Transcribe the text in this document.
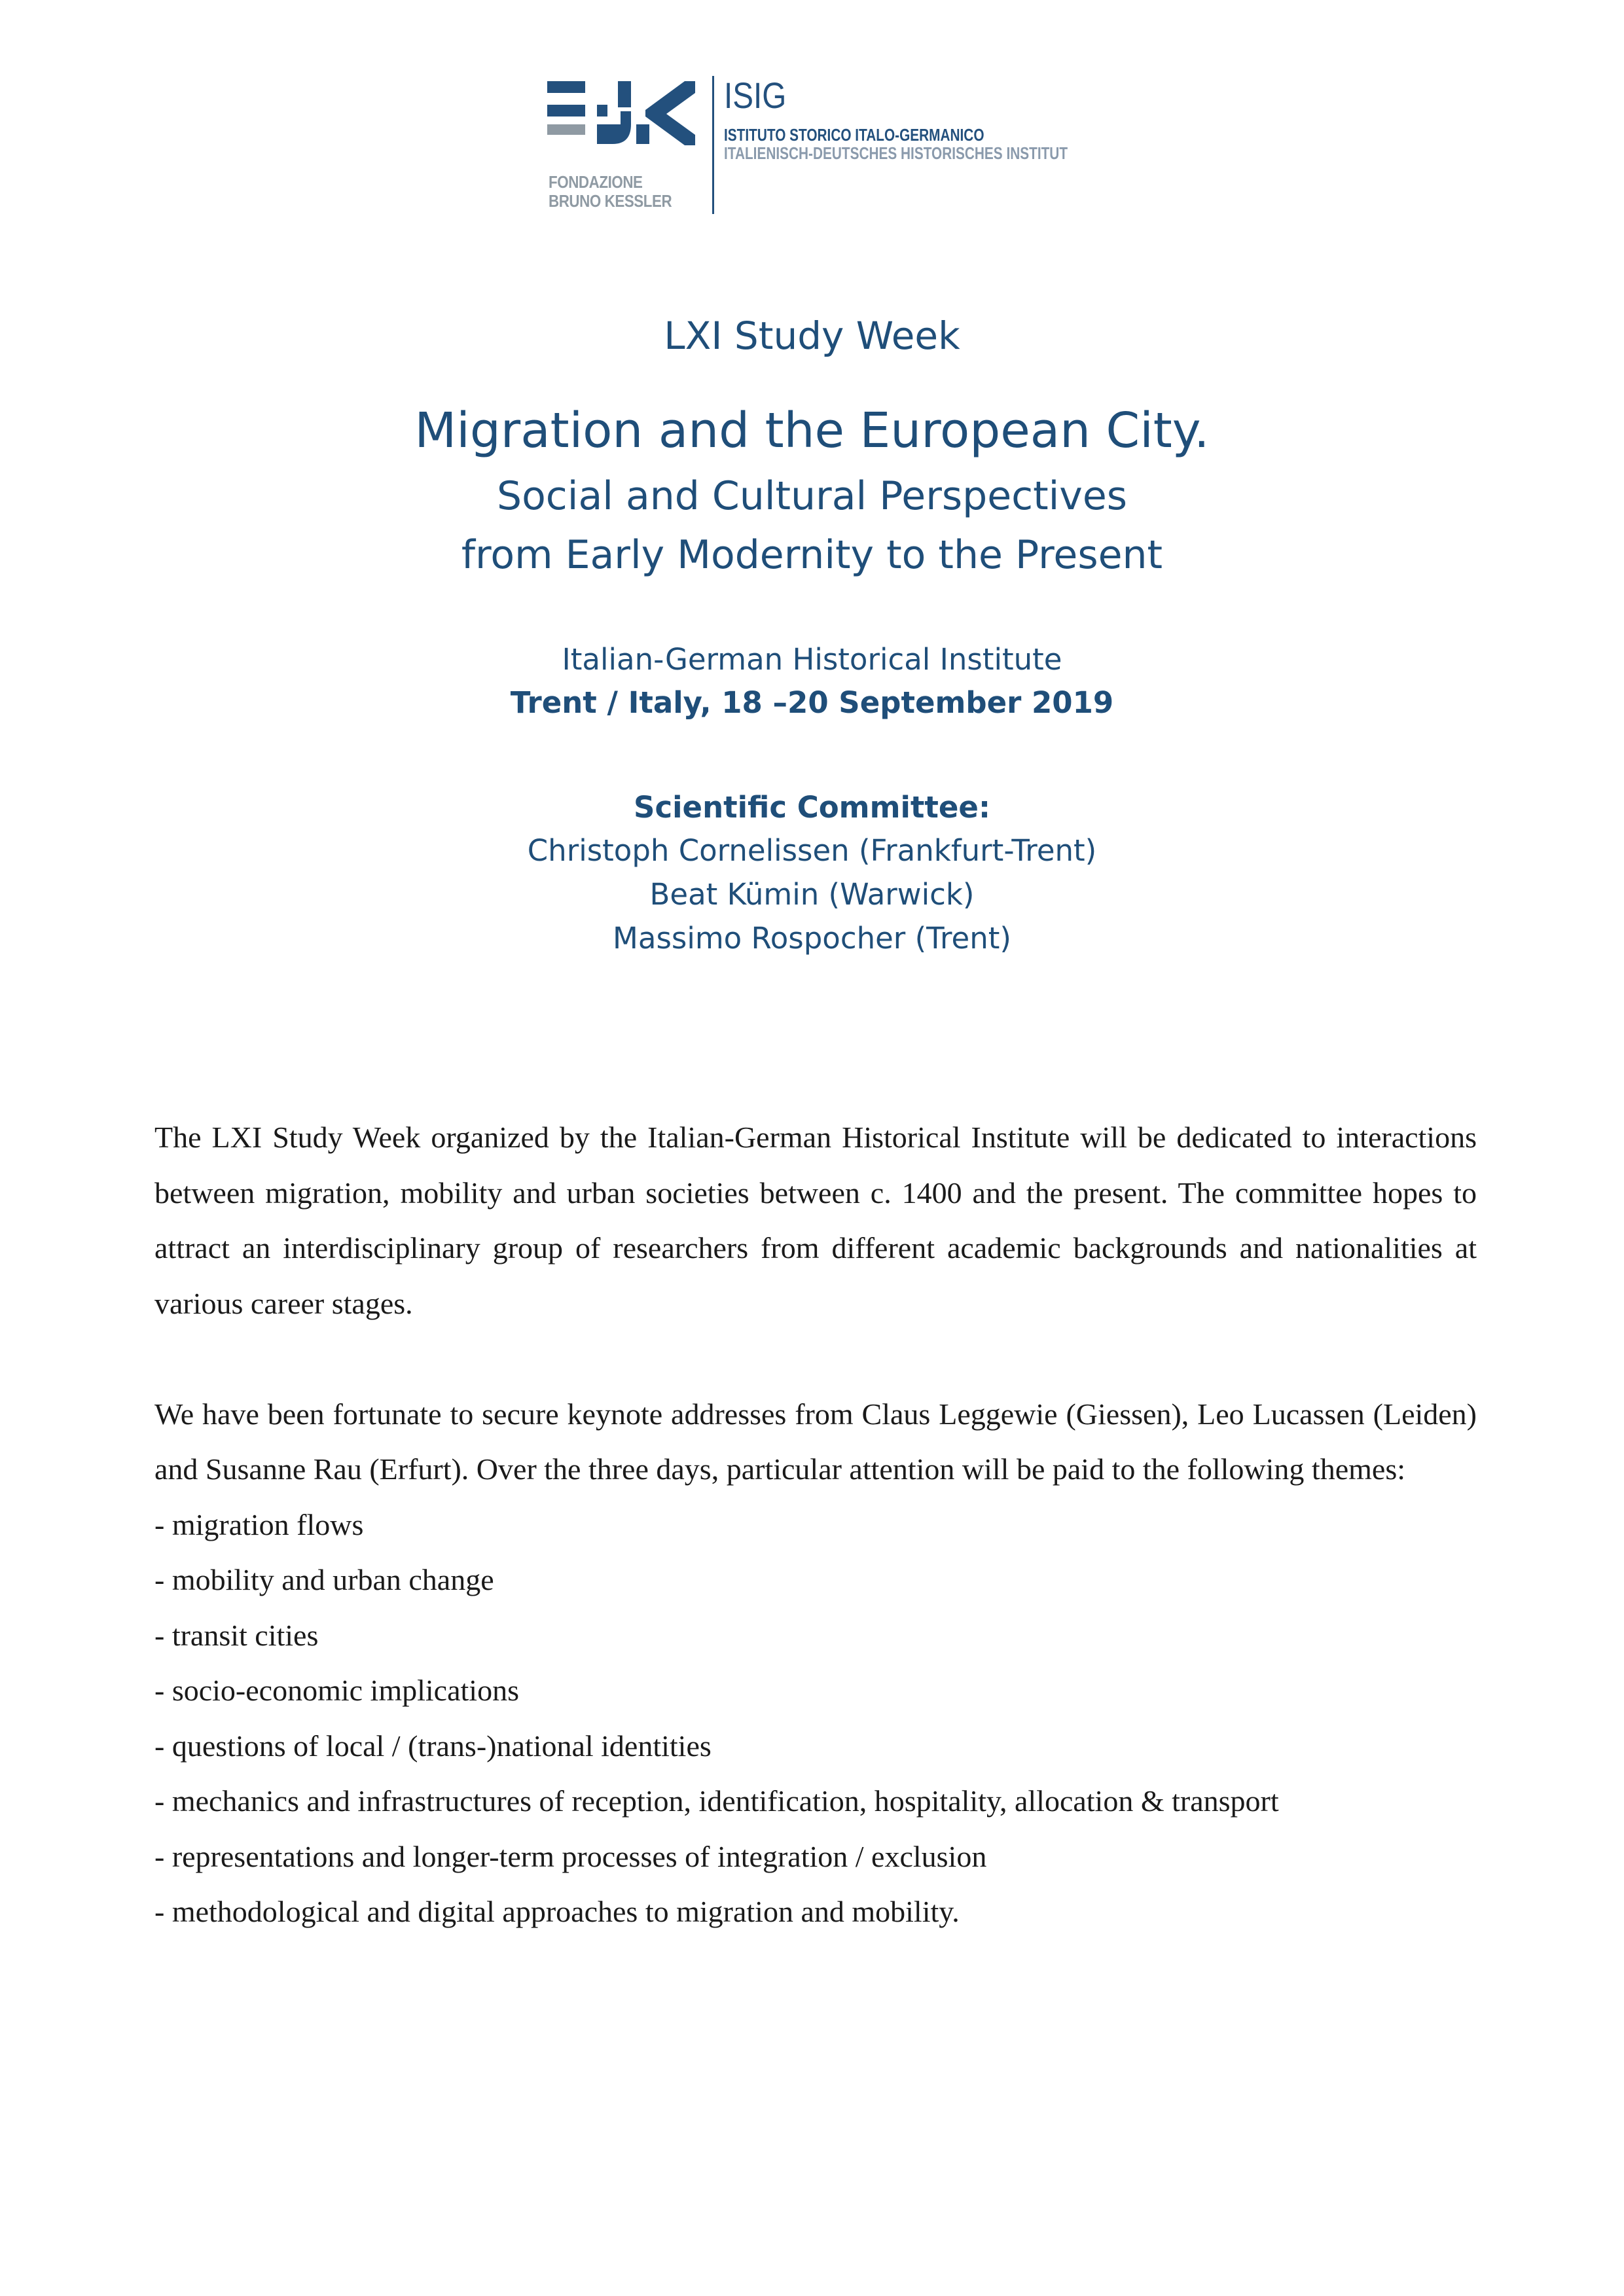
FONDAZIONE
BRUNO KESSLER
ISIG
ISTITUTO STORICO ITALO-GERMANICO
ITALIENISCH-DEUTSCHES HISTORISCHES INSTITUT
LXI Study Week
Migration and the European City.
Social and Cultural Perspectives
from Early Modernity to the Present
Italian-German Historical Institute
Trent / Italy, 18 –20 September 2019
Scientific Committee:
Christoph Cornelissen (Frankfurt-Trent)
Beat Kümin (Warwick)
Massimo Rospocher (Trent)

The LXI Study Week organized by the Italian-German Historical Institute will be dedicated to interactions between migration, mobility and urban societies between c. 1400 and the present. The committee hopes to attract an interdisciplinary group of researchers from different academic backgrounds and nationalities at various career stages.

We have been fortunate to secure keynote addresses from Claus Leggewie (Giessen), Leo Lucassen (Leiden) and Susanne Rau (Erfurt). Over the three days, particular attention will be paid to the following themes:

- migration flows

- mobility and urban change

- transit cities

- socio-economic implications

- questions of local / (trans-)national identities

- mechanics and infrastructures of reception, identification, hospitality, allocation & transport

- representations and longer-term processes of integration / exclusion

- methodological and digital approaches to migration and mobility.
